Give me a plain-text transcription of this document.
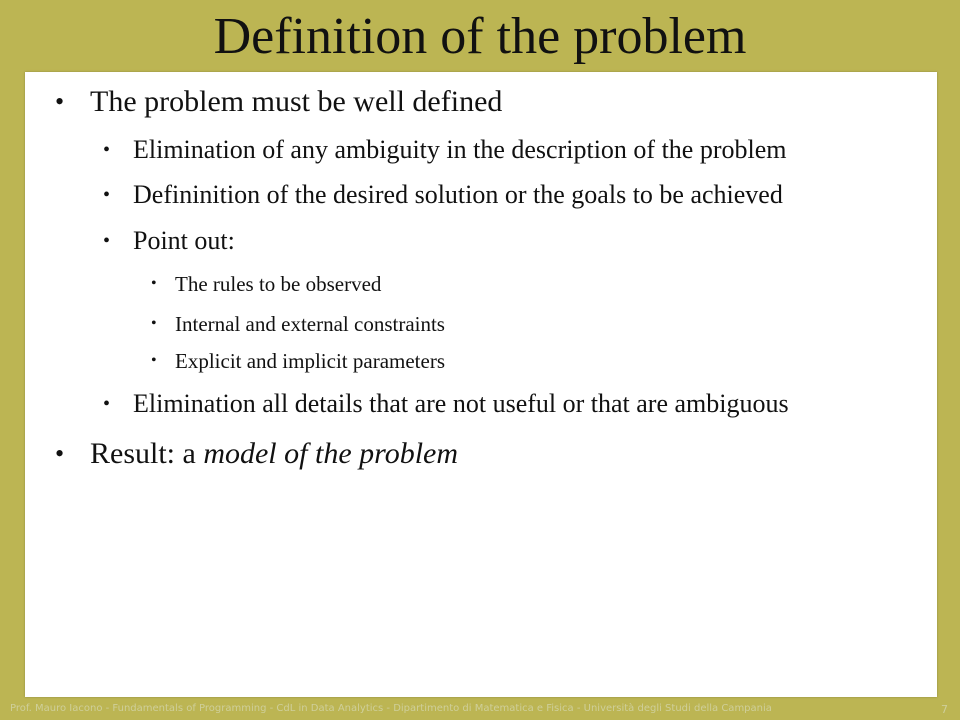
Definition of the problem
• The problem must be well defined
• Elimination of any ambiguity in the description of the problem
• Defininition of the desired solution or the goals to be achieved
• Point out:
• The rules to be observed
• Internal and external constraints
• Explicit and implicit parameters
• Elimination all details that are not useful or that are ambiguous
• Result: a model of the problem
Prof. Mauro Iacono - Fundamentals of Programming - CdL in Data Analytics - Dipartimento di Matematica e Fisica - Università degli Studi della Campania	7
